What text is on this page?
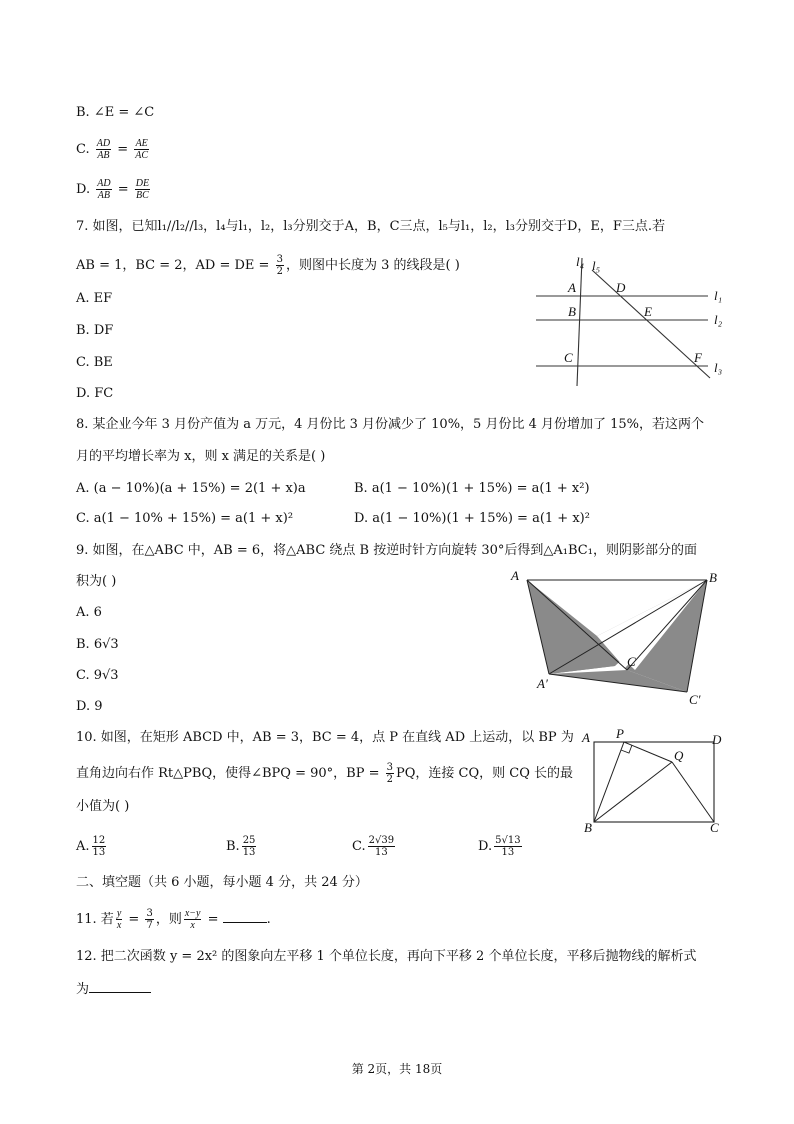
B. ∠E = ∠C
C. $\frac{AD}{AB} = \frac{AE}{AC}$
D. $\frac{AD}{AB} = \frac{DE}{BC}$
7. 如图，已知l₁//l₂//l₃，l₄与l₁，l₂，l₃分别交于A，B，C三点，l₅与l₁，l₂，l₃分别交于D，E，F三点.若
AB = 1，BC = 2，AD = DE = $\frac{3}{2}$ ，则图中长度为 3 的线段是( )
A. EF
B. DF
C. BE
D. FC
l₄ l₅
A	D
B	E
C	F
l₁
l₂
l₃
8. 某企业今年 3 月份产值为 a 万元，4 月份比 3 月份减少了 10%，5 月份比 4 月份增加了 15%，若这两个
月的平均增长率为 x，则 x 满足的关系是( )
A. (a − 10%)(a + 15%) = 2(1 + x)a	B. a(1 − 10%)(1 + 15%) = a(1 + x²)
C. a(1 − 10% + 15%) = a(1 + x)²	D. a(1 − 10%)(1 + 15%) = a(1 + x)²
9. 如图，在△ABC 中，AB = 6，将△ABC 绕点 B 按逆时针方向旋转 30°后得到△A₁BC₁，则阴影部分的面
积为( )
A. 6
B. 6√3
C. 9√3
D. 9
A	B
C
A′
C′
10. 如图，在矩形 ABCD 中，AB = 3，BC = 4，点 P 在直线 AD 上运动，以 BP 为
直角边向右作 Rt△PBQ，使得∠BPQ = 90°，BP = $\frac{3}{2}$ PQ，连接 CQ，则 CQ 长的最
小值为( )
A. $\frac{12}{13}$	B. $\frac{25}{13}$	C. $\frac{2√39}{13}$	D. $\frac{5√13}{13}$
A P	D
Q
B	C
二、填空题（共 6 小题，每小题 4 分，共 24 分）
11. 若 $\frac{y}{x} = \frac{3}{7}$ ，则 $\frac{x-y}{x}$ =	.
12. 把二次函数 y = 2x² 的图象向左平移 1 个单位长度，再向下平移 2 个单位长度，平移后抛物线的解析式
为
第 2页，共 18页
